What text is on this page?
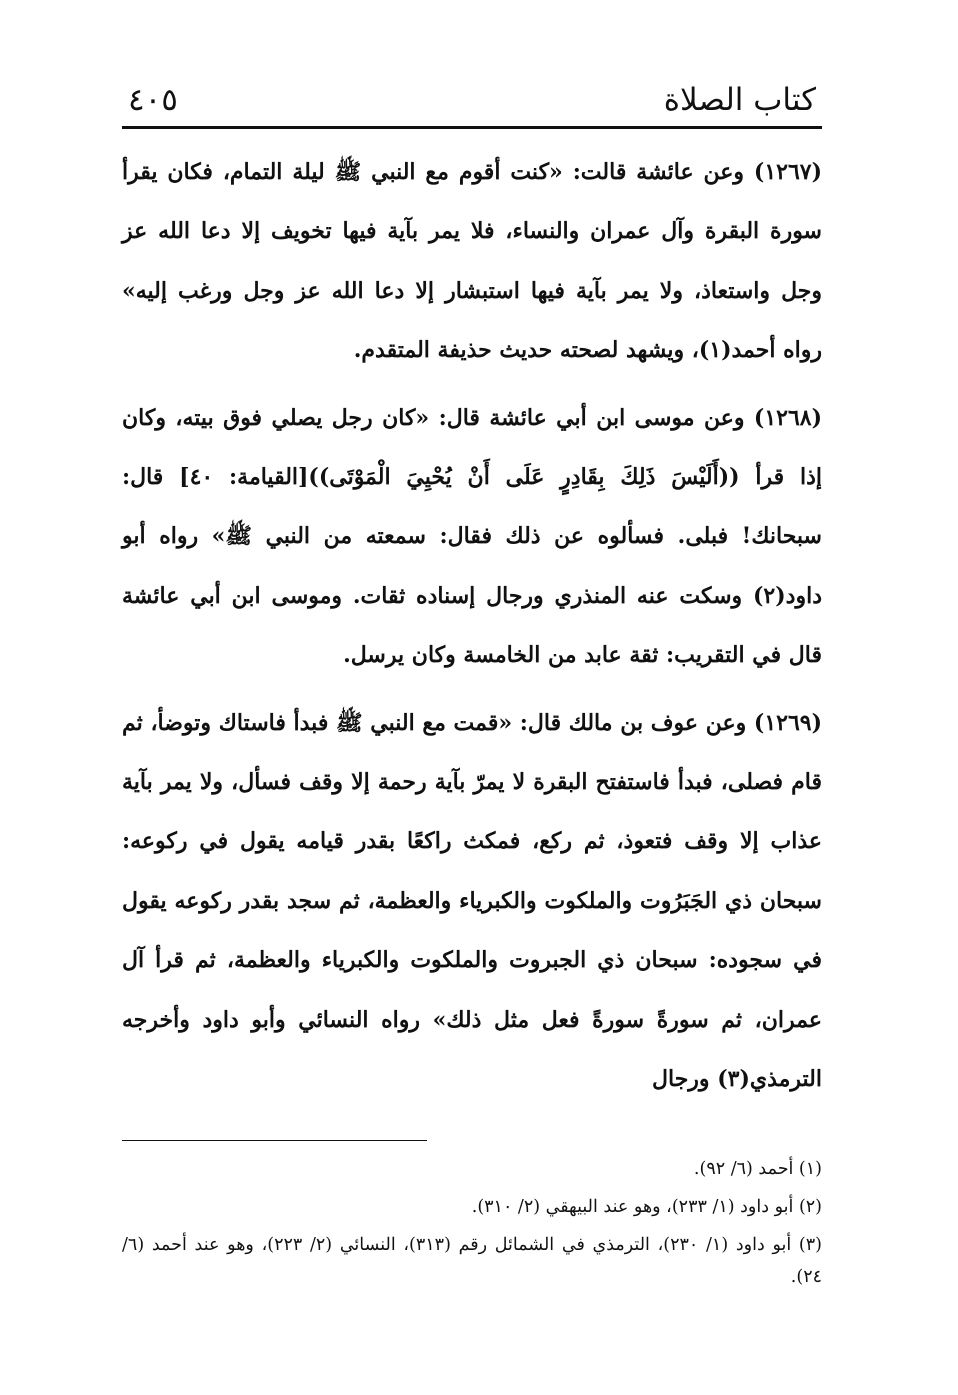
كتاب الصلاة
٤٠٥

(١٢٦٧) وعن عائشة قالت: «كنت أقوم مع النبي ﷺ ليلة التمام، فكان يقرأ سورة البقرة وآل عمران والنساء، فلا يمر بآية فيها تخويف إلا دعا الله عز وجل واستعاذ، ولا يمر بآية فيها استبشار إلا دعا الله عز وجل ورغب إليه» رواه أحمد(١)، ويشهد لصحته حديث حذيفة المتقدم.

(١٢٦٨) وعن موسى ابن أبي عائشة قال: «كان رجل يصلي فوق بيته، وكان إذا قرأ ((أَلَيْسَ ذَلِكَ بِقَادِرٍ عَلَى أَنْ يُحْيِيَ الْمَوْتَى))[القيامة: ٤٠] قال: سبحانك! فبلى. فسألوه عن ذلك فقال: سمعته من النبي ﷺ» رواه أبو داود(٢) وسكت عنه المنذري ورجال إسناده ثقات. وموسى ابن أبي عائشة قال في التقريب: ثقة عابد من الخامسة وكان يرسل.

(١٢٦٩) وعن عوف بن مالك قال: «قمت مع النبي ﷺ فبدأ فاستاك وتوضأ، ثم قام فصلى، فبدأ فاستفتح البقرة لا يمرّ بآية رحمة إلا وقف فسأل، ولا يمر بآية عذاب إلا وقف فتعوذ، ثم ركع، فمكث راكعًا بقدر قيامه يقول في ركوعه: سبحان ذي الجَبَرُوت والملكوت والكبرياء والعظمة، ثم سجد بقدر ركوعه يقول في سجوده: سبحان ذي الجبروت والملكوت والكبرياء والعظمة، ثم قرأ آل عمران، ثم سورةً سورةً فعل مثل ذلك» رواه النسائي وأبو داود وأخرجه الترمذي(٣) ورجال

(١) أحمد (٦/ ٩٢).

(٢) أبو داود (١/ ٢٣٣)، وهو عند البيهقي (٢/ ٣١٠).

(٣) أبو داود (١/ ٢٣٠)، الترمذي في الشمائل رقم (٣١٣)، النسائي (٢/ ٢٢٣)، وهو عند أحمد (٦/ ٢٤).
